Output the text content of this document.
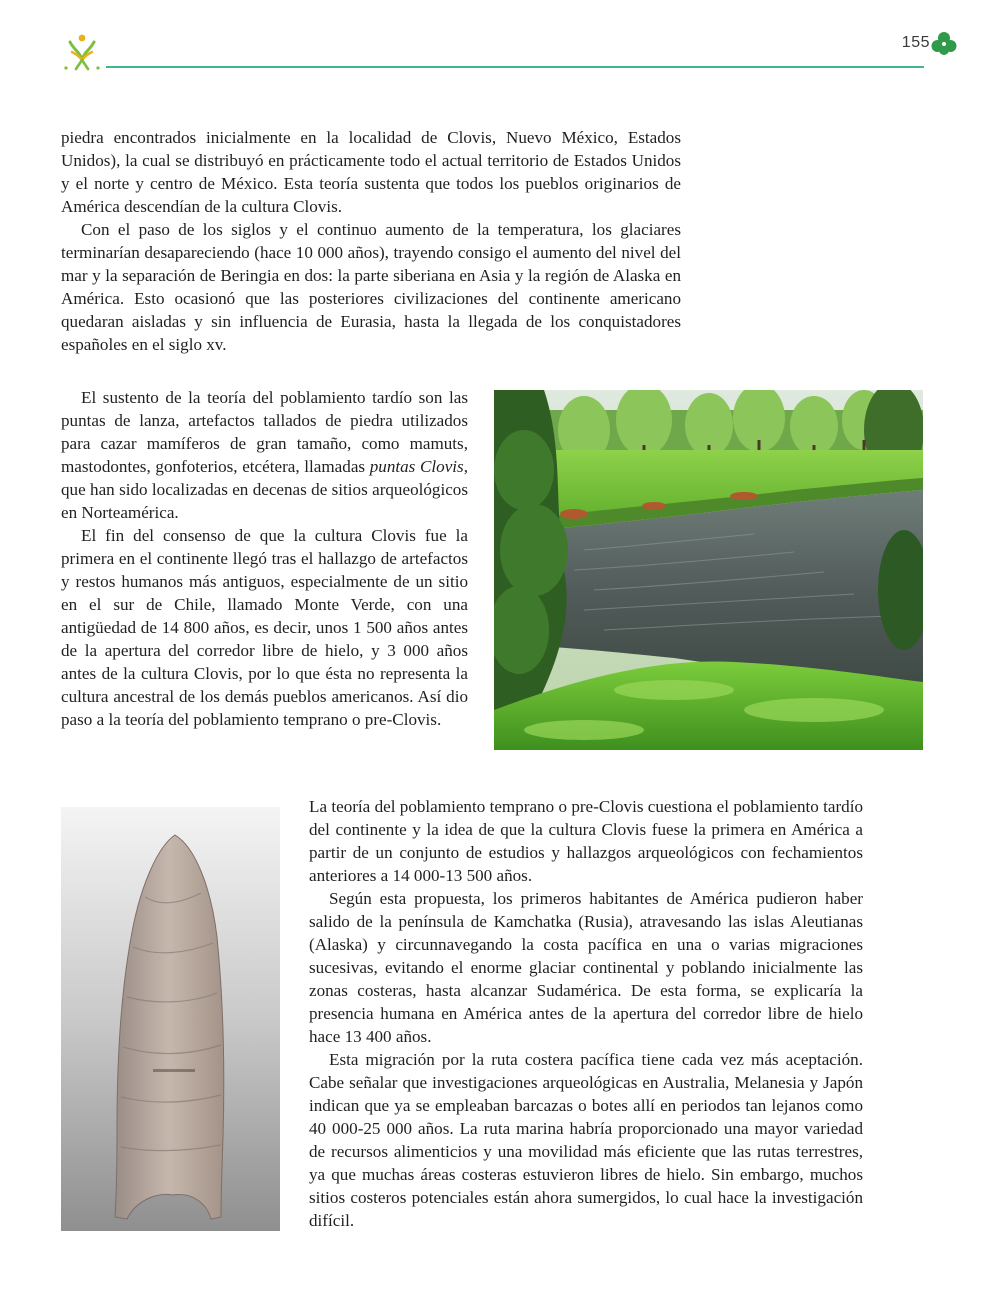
155

piedra encontrados inicialmente en la localidad de Clovis, Nuevo México, Estados Unidos), la cual se distribuyó en prácticamente todo el actual territorio de Estados Unidos y el norte y centro de México. Esta teoría sustenta que todos los pueblos originarios de América descendían de la cultura Clovis.

Con el paso de los siglos y el continuo aumento de la temperatura, los glaciares terminarían desapareciendo (hace 10 000 años), trayendo consigo el aumento del nivel del mar y la separación de Beringia en dos: la parte siberiana en Asia y la región de Alaska en América. Esto ocasionó que las posteriores civilizaciones del continente americano quedaran aisladas y sin influencia de Eurasia, hasta la llegada de los conquistadores españoles en el siglo xv.

El sustento de la teoría del poblamiento tardío son las puntas de lanza, artefactos tallados de piedra utilizados para cazar mamíferos de gran tamaño, como mamuts, mastodontes, gonfoterios, etcétera, llamadas puntas Clovis, que han sido localizadas en decenas de sitios arqueológicos en Norteamérica.

El fin del consenso de que la cultura Clovis fue la primera en el continente llegó tras el hallazgo de artefactos y restos humanos más antiguos, especialmente de un sitio en el sur de Chile, llamado Monte Verde, con una antigüedad de 14 800 años, es decir, unos 1 500 años antes de la apertura del corredor libre de hielo, y 3 000 años antes de la cultura Clovis, por lo que ésta no representa la cultura ancestral de los demás pueblos americanos. Así dio paso a la teoría del poblamiento temprano o pre-Clovis.

La teoría del poblamiento temprano o pre-Clovis cuestiona el poblamiento tardío del continente y la idea de que la cultura Clovis fuese la primera en América a partir de un conjunto de estudios y hallazgos arqueológicos con fechamientos anteriores a 14 000-13 500 años.

Según esta propuesta, los primeros habitantes de América pudieron haber salido de la península de Kamchatka (Rusia), atravesando las islas Aleutianas (Alaska) y circunnavegando la costa pacífica en una o varias migraciones sucesivas, evitando el enorme glaciar continental y poblando inicialmente las zonas costeras, hasta alcanzar Sudamérica. De esta forma, se explicaría la presencia humana en América antes de la apertura del corredor libre de hielo hace 13 400 años.

Esta migración por la ruta costera pacífica tiene cada vez más aceptación. Cabe señalar que investigaciones arqueológicas en Australia, Melanesia y Japón indican que ya se empleaban barcazas o botes allí en periodos tan lejanos como 40 000-25 000 años. La ruta marina habría proporcionado una mayor variedad de recursos alimenticios y una movilidad más eficiente que las rutas terrestres, ya que muchas áreas costeras estuvieron libres de hielo. Sin embargo, muchos sitios costeros potenciales están ahora sumergidos, lo cual hace la investigación difícil.
